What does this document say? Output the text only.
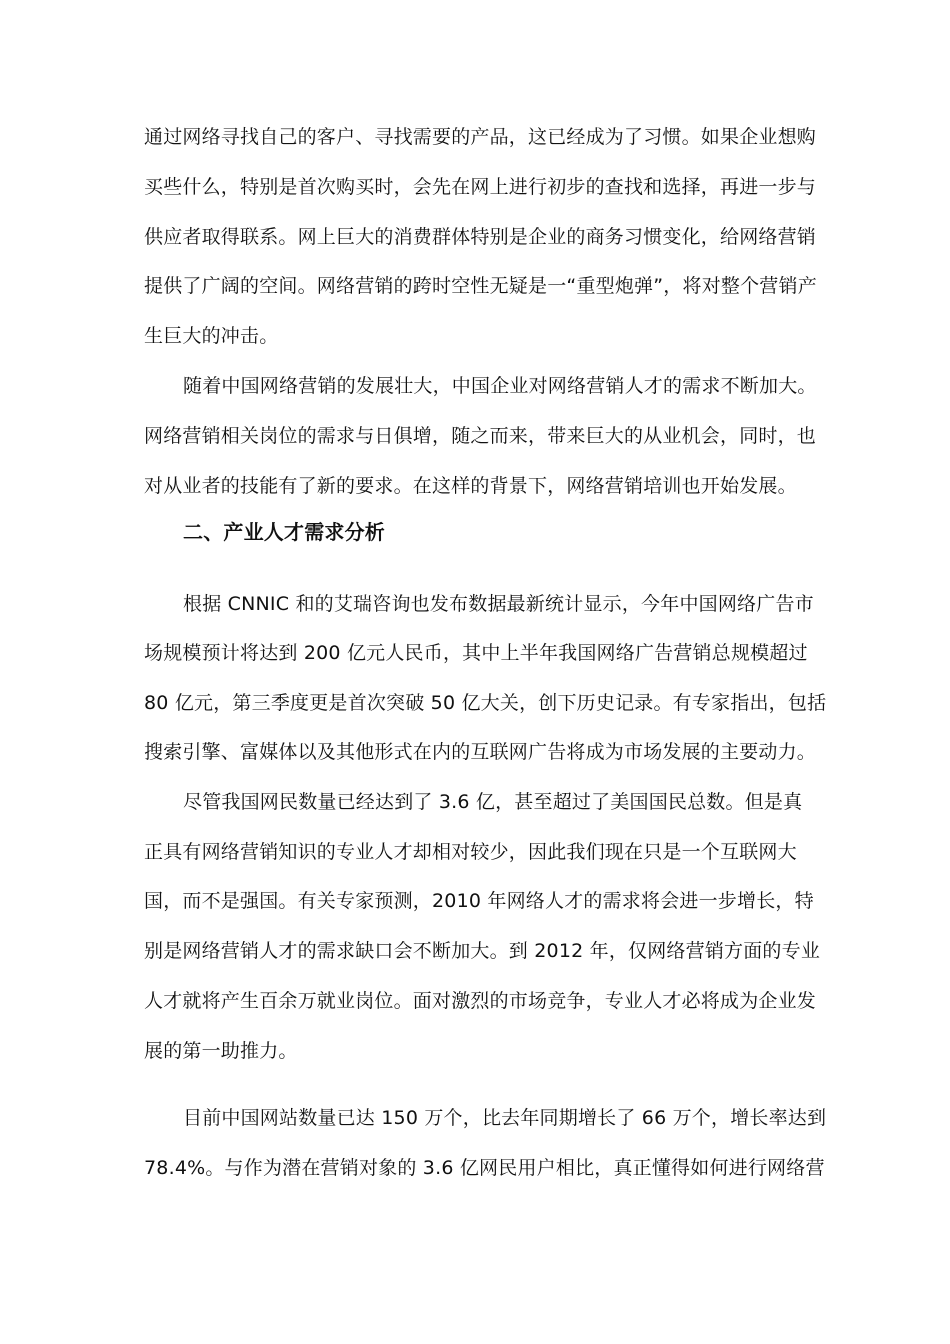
通过网络寻找自己的客户、寻找需要的产品，这已经成为了习惯。如果企业想购
买些什么，特别是首次购买时，会先在网上进行初步的查找和选择，再进一步与
供应者取得联系。网上巨大的消费群体特别是企业的商务习惯变化，给网络营销
提供了广阔的空间。网络营销的跨时空性无疑是一“重型炮弹”，将对整个营销产
生巨大的冲击。
随着中国网络营销的发展壮大，中国企业对网络营销人才的需求不断加大。
网络营销相关岗位的需求与日俱增，随之而来，带来巨大的从业机会，同时，也
对从业者的技能有了新的要求。在这样的背景下，网络营销培训也开始发展。
二、产业人才需求分析
根据 CNNIC 和的艾瑞咨询也发布数据最新统计显示，今年中国网络广告市
场规模预计将达到 200 亿元人民币，其中上半年我国网络广告营销总规模超过
80 亿元，第三季度更是首次突破 50 亿大关，创下历史记录。有专家指出，包括
搜索引擎、富媒体以及其他形式在内的互联网广告将成为市场发展的主要动力。
尽管我国网民数量已经达到了 3.6 亿，甚至超过了美国国民总数。但是真
正具有网络营销知识的专业人才却相对较少，因此我们现在只是一个互联网大
国，而不是强国。有关专家预测，2010 年网络人才的需求将会进一步增长，特
别是网络营销人才的需求缺口会不断加大。到 2012 年，仅网络营销方面的专业
人才就将产生百余万就业岗位。面对激烈的市场竞争，专业人才必将成为企业发
展的第一助推力。
目前中国网站数量已达 150 万个，比去年同期增长了 66 万个，增长率达到
78.4%。与作为潜在营销对象的 3.6 亿网民用户相比，真正懂得如何进行网络营
